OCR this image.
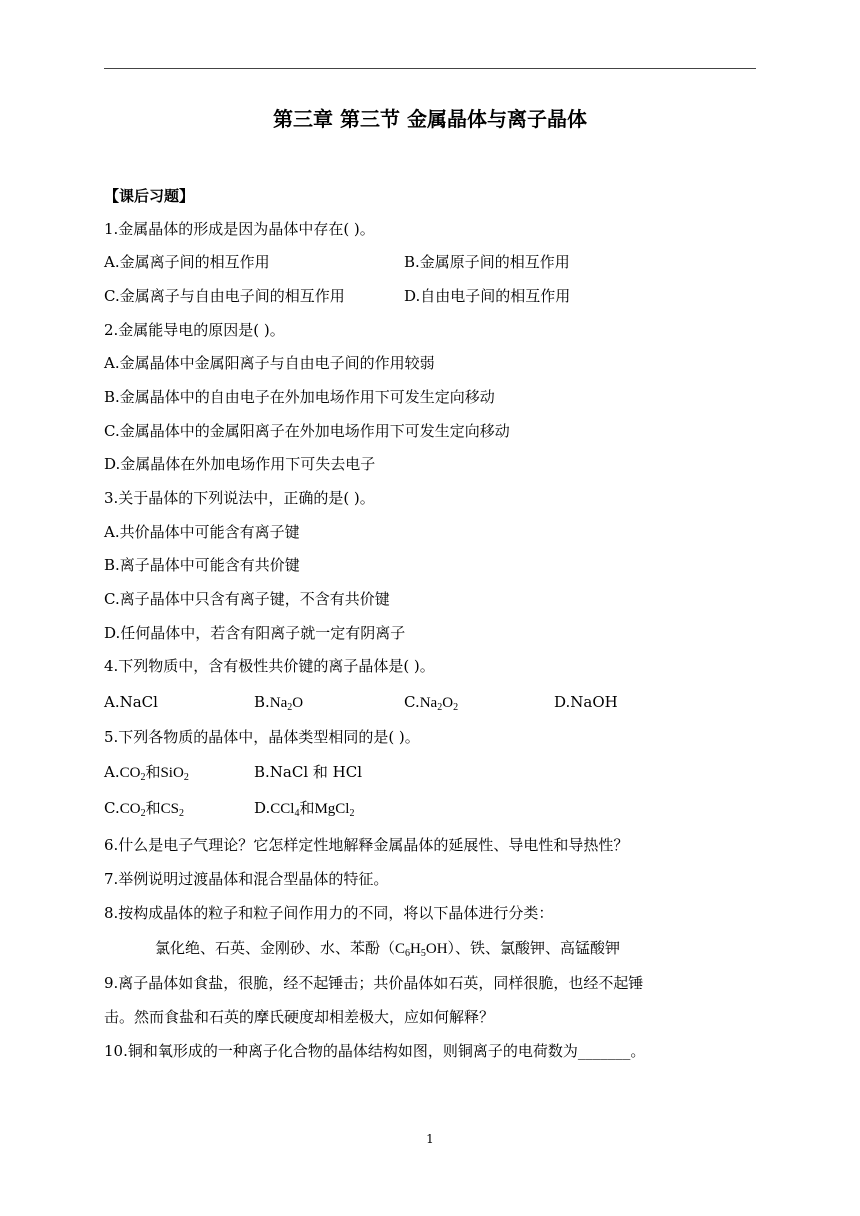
第三章 第三节 金属晶体与离子晶体
【课后习题】
1.金属晶体的形成是因为晶体中存在( )。
A.金属离子间的相互作用	B.金属原子间的相互作用
C.金属离子与自由电子间的相互作用	D.自由电子间的相互作用
2.金属能导电的原因是( )。
A.金属晶体中金属阳离子与自由电子间的作用较弱
B.金属晶体中的自由电子在外加电场作用下可发生定向移动
C.金属晶体中的金属阳离子在外加电场作用下可发生定向移动
D.金属晶体在外加电场作用下可失去电子
3.关于晶体的下列说法中，正确的是( )。
A.共价晶体中可能含有离子键
B.离子晶体中可能含有共价键
C.离子晶体中只含有离子键，不含有共价键
D.任何晶体中，若含有阳离子就一定有阴离子
4.下列物质中，含有极性共价键的离子晶体是( )。
A.NaCl	$B.Na_2O$	$C.Na_2O_2$	D.NaOH
5.下列各物质的晶体中，晶体类型相同的是( )。
$A.CO_2$和SiO$_2$	B.NaCl 和 HCl
$C.CO_2$和$CS_2$	D.CCl$_4$和MgCl$_2$
6.什么是电子气理论？它怎样定性地解释金属晶体的延展性、导电性和导热性？
7.举例说明过渡晶体和混合型晶体的特征。
8.按构成晶体的粒子和粒子间作用力的不同，将以下晶体进行分类：
氯化绝、石英、金刚砂、水、苯酚$(C_6H_5OH)$、铁、氯酸钾、高锰酸钾
9.离子晶体如食盐，很脆，经不起锤击；共价晶体如石英，同样很脆，也经不起锤
击。然而食盐和石英的摩氏硬度却相差极大，应如何解释？
10.铜和氧形成的一种离子化合物的晶体结构如图，则铜离子的电荷数为_______。
1
